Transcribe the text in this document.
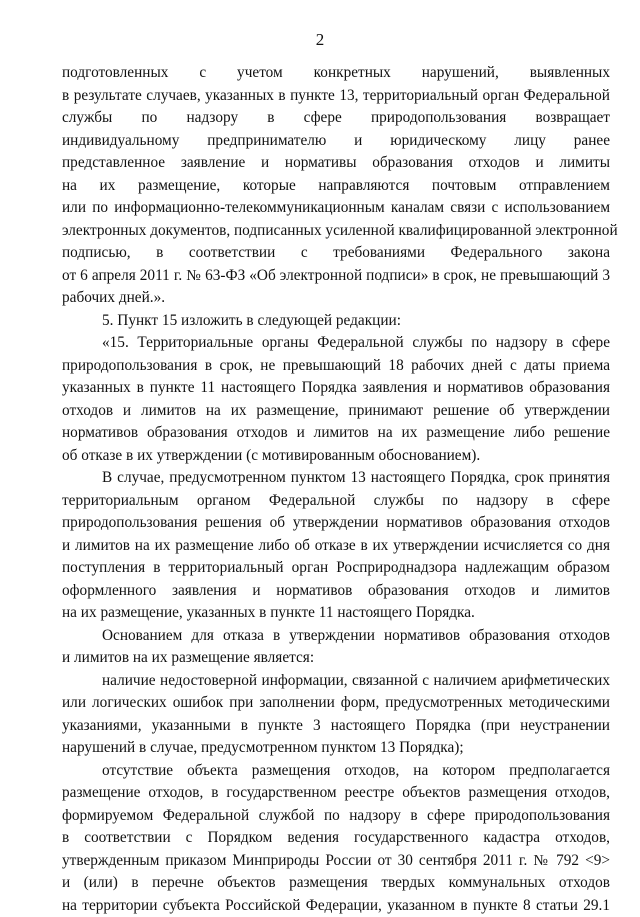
2
подготовленных с учетом конкретных нарушений, выявленных
в результате случаев, указанных в пункте 13, территориальный орган Федеральной
службы по надзору в сфере природопользования возвращает
индивидуальному предпринимателю и юридическому лицу ранее
представленное заявление и нормативы образования отходов и лимиты
на их размещение, которые направляются почтовым отправлением
или по информационно-телекоммуникационным каналам связи с использованием
электронных документов, подписанных усиленной квалифицированной электронной
подписью, в соответствии с требованиями Федерального закона
от 6 апреля 2011 г. № 63-ФЗ «Об электронной подписи» в срок, не превышающий 3
рабочих дней.».
5. Пункт 15 изложить в следующей редакции:
«15. Территориальные органы Федеральной службы по надзору в сфере
природопользования в срок, не превышающий 18 рабочих дней с даты приема
указанных в пункте 11 настоящего Порядка заявления и нормативов образования
отходов и лимитов на их размещение, принимают решение об утверждении
нормативов образования отходов и лимитов на их размещение либо решение
об отказе в их утверждении (с мотивированным обоснованием).
В случае, предусмотренном пунктом 13 настоящего Порядка, срок принятия
территориальным органом Федеральной службы по надзору в сфере
природопользования решения об утверждении нормативов образования отходов
и лимитов на их размещение либо об отказе в их утверждении исчисляется со дня
поступления в территориальный орган Росприроднадзора надлежащим образом
оформленного заявления и нормативов образования отходов и лимитов
на их размещение, указанных в пункте 11 настоящего Порядка.
Основанием для отказа в утверждении нормативов образования отходов
и лимитов на их размещение является:
наличие недостоверной информации, связанной с наличием арифметических
или логических ошибок при заполнении форм, предусмотренных методическими
указаниями, указанными в пункте 3 настоящего Порядка (при неустранении
нарушений в случае, предусмотренном пунктом 13 Порядка);
отсутствие объекта размещения отходов, на котором предполагается
размещение отходов, в государственном реестре объектов размещения отходов,
формируемом Федеральной службой по надзору в сфере природопользования
в соответствии с Порядком ведения государственного кадастра отходов,
утвержденным приказом Минприроды России от 30 сентября 2011 г. № 792 <9>
и (или) в перечне объектов размещения твердых коммунальных отходов
на территории субъекта Российской Федерации, указанном в пункте 8 статьи 29.1
